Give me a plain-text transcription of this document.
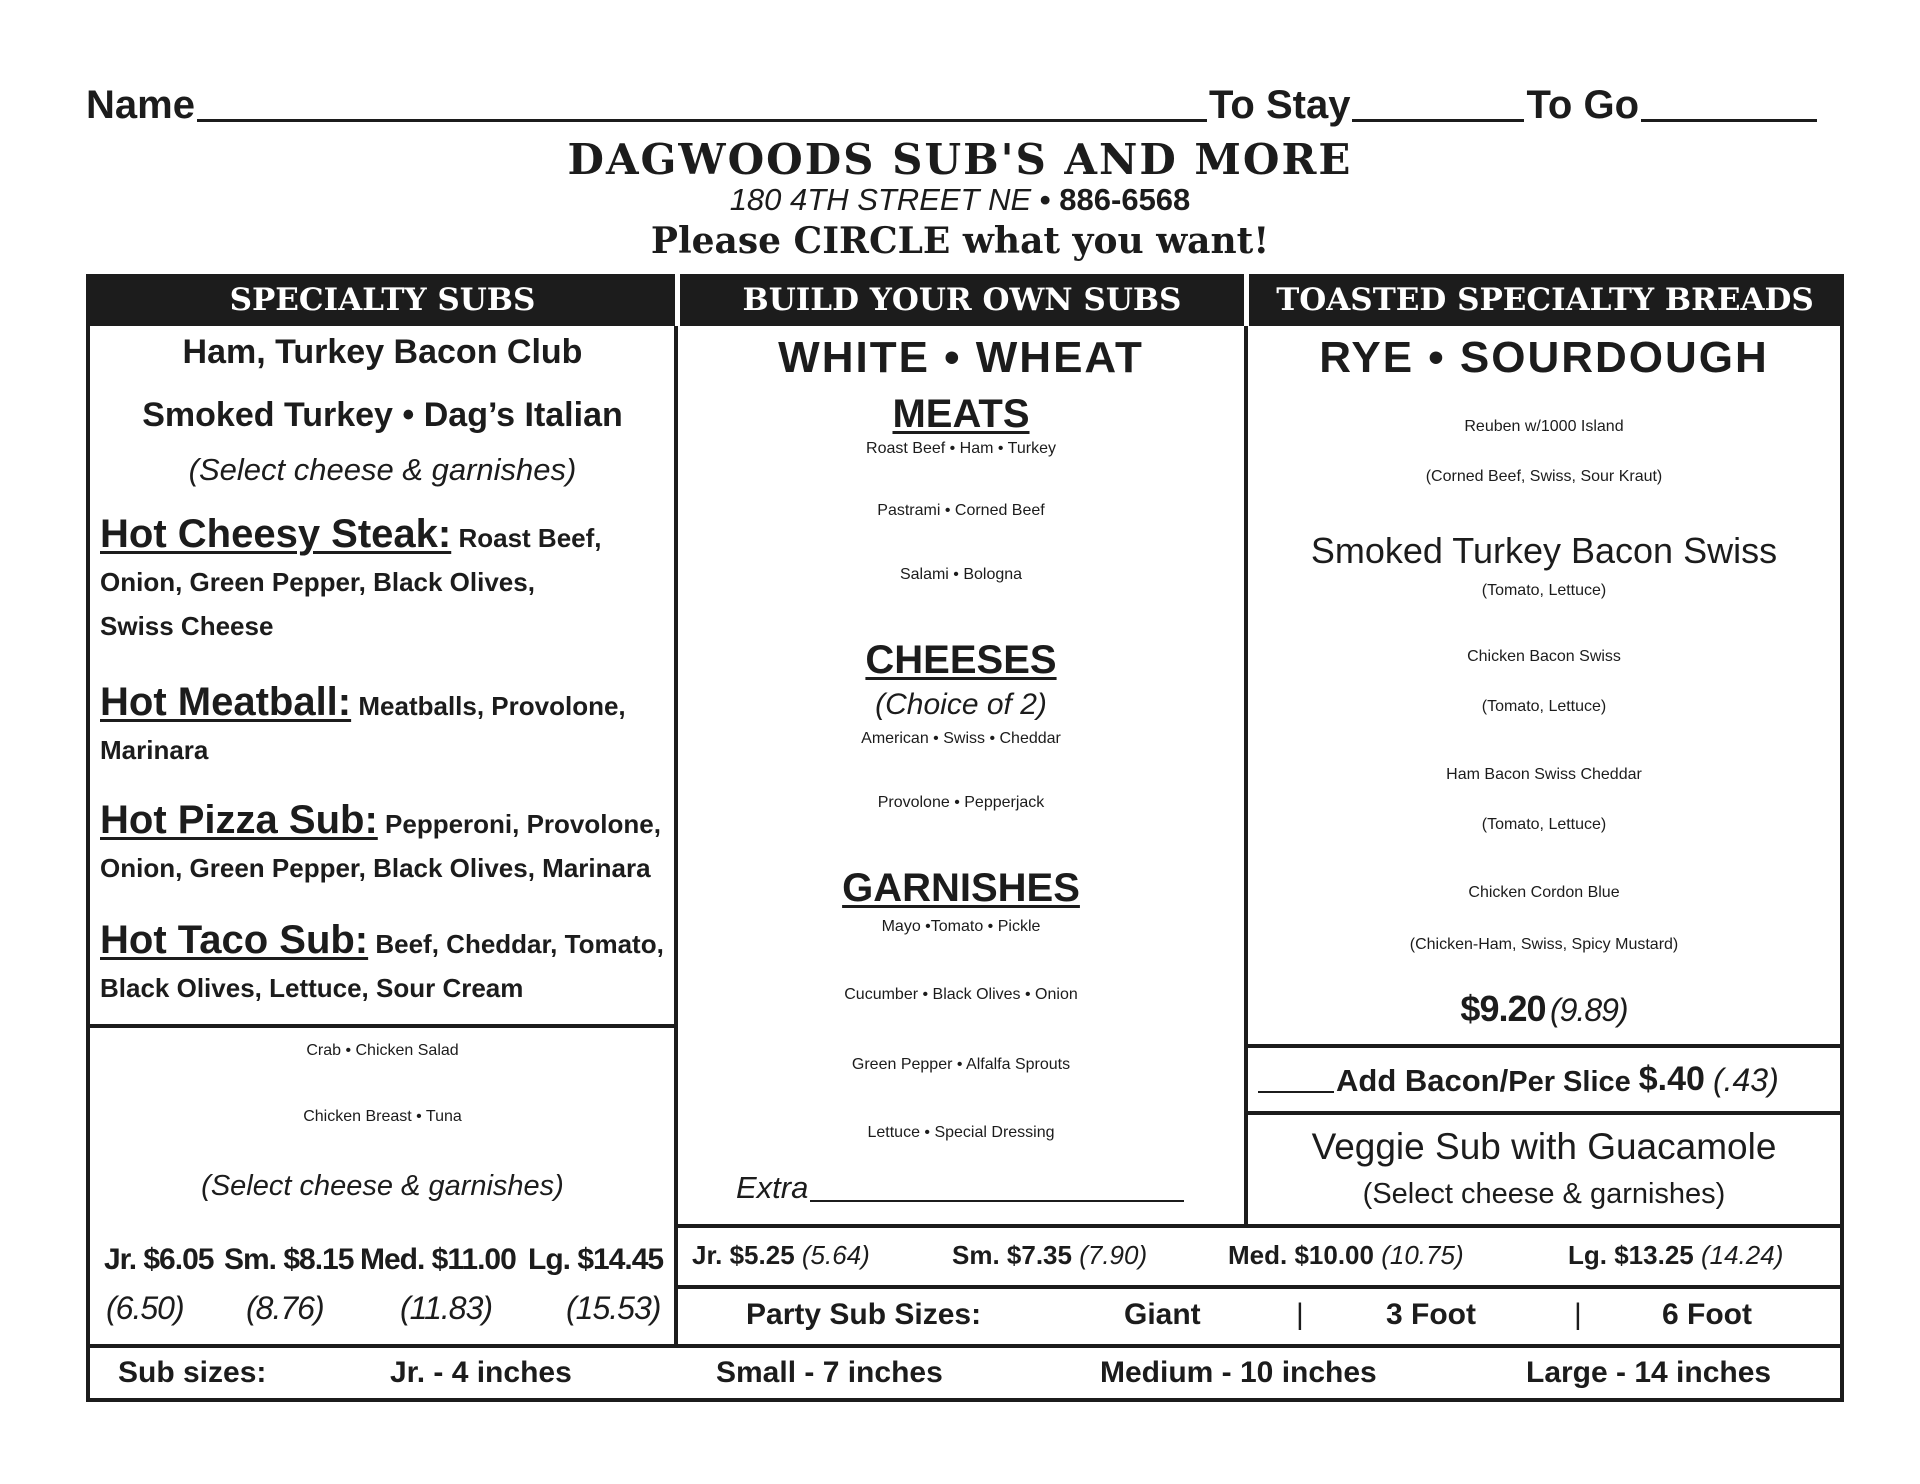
Name	To Stay	To Go
DAGWOODS SUB'S AND MORE
180 4TH STREET NE • 886-6568
Please CIRCLE what you want!
SPECIALTY SUBS	BUILD YOUR OWN SUBS	TOASTED SPECIALTY BREADS
Ham, Turkey Bacon Club
Smoked Turkey • Dag’s Italian
(Select cheese & garnishes)
Hot Cheesy Steak: Roast Beef,
Onion, Green Pepper, Black Olives,
Swiss Cheese
Hot Meatball: Meatballs, Provolone,
Marinara
Hot Pizza Sub: Pepperoni, Provolone,
Onion, Green Pepper, Black Olives, Marinara
Hot Taco Sub: Beef, Cheddar, Tomato,
Black Olives, Lettuce, Sour Cream
Crab • Chicken Salad
Chicken Breast • Tuna
(Select cheese & garnishes)
Jr. $6.05 Sm. $8.15 Med. $11.00 Lg. $14.45
(6.50) (8.76) (11.83) (15.53)
WHITE • WHEAT
MEATS
Roast Beef • Ham • Turkey
Pastrami • Corned Beef
Salami • Bologna
CHEESES
(Choice of 2)
American • Swiss • Cheddar
Provolone • Pepperjack
GARNISHES
Mayo •Tomato • Pickle
Cucumber • Black Olives • Onion
Green Pepper • Alfalfa Sprouts
Lettuce • Special Dressing
Extra
Jr. $5.25 (5.64)	Sm. $7.35 (7.90)	Med. $10.00 (10.75)	Lg. $13.25 (14.24)
Party Sub Sizes:	Giant	|	3 Foot	|	6 Foot
RYE • SOURDOUGH
Reuben w/1000 Island
(Corned Beef, Swiss, Sour Kraut)
Smoked Turkey Bacon Swiss
(Tomato, Lettuce)
Chicken Bacon Swiss
(Tomato, Lettuce)
Ham Bacon Swiss Cheddar
(Tomato, Lettuce)
Chicken Cordon Blue
(Chicken-Ham, Swiss, Spicy Mustard)
$9.20 (9.89)
Add Bacon/ Per Slice $.40 (.43)
Veggie Sub with Guacamole
(Select cheese & garnishes)
Sub sizes:	Jr. - 4 inches	Small - 7 inches	Medium - 10 inches	Large - 14 inches
